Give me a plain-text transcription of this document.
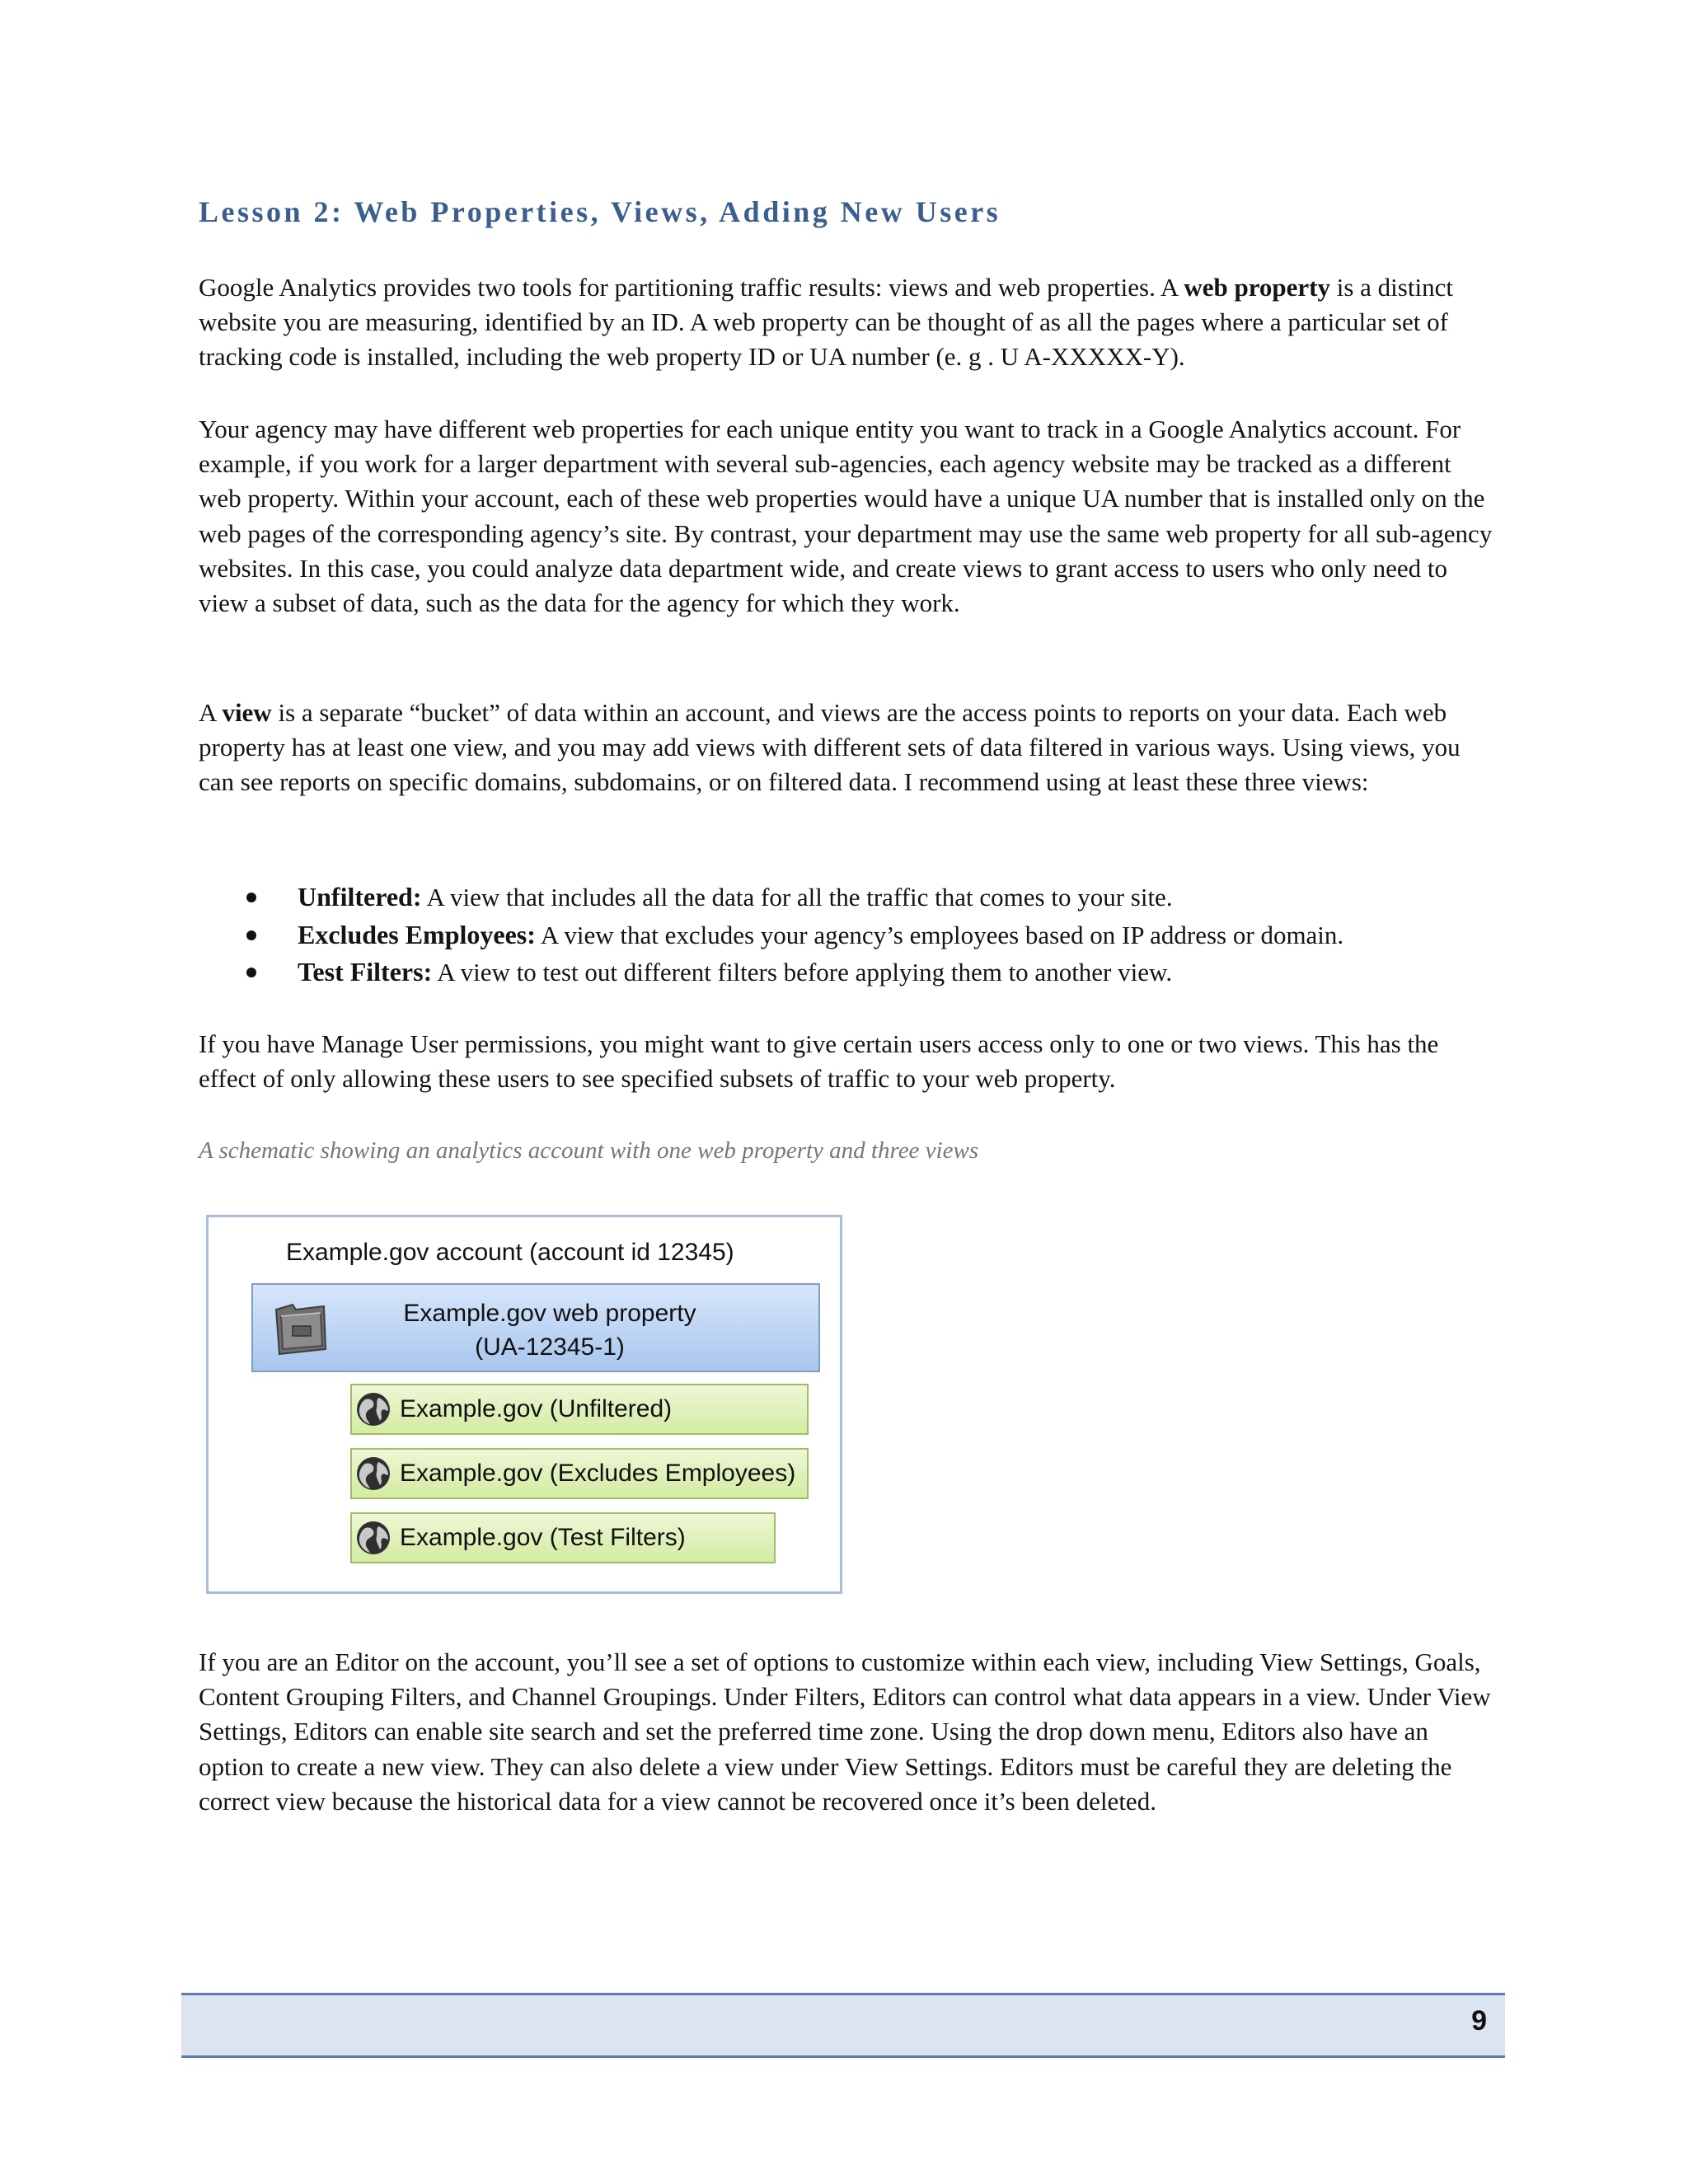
Lesson 2: Web Properties, Views, Adding New Users

Google Analytics provides two tools for partitioning traffic results: views and web properties. A web property is a distinct website you are measuring, identified by an ID. A web property can be thought of as all the pages where a particular set of tracking code is installed, including the web property ID or UA number (e. g . U A-XXXXX-Y).

Your agency may have different web properties for each unique entity you want to track in a Google Analytics account. For example, if you work for a larger department with several sub-agencies, each agency website may be tracked as a different web property. Within your account, each of these web properties would have a unique UA number that is installed only on the web pages of the corresponding agency’s site. By contrast, your department may use the same web property for all sub-agency websites. In this case, you could analyze data department wide, and create views to grant access to users who only need to view a subset of data, such as the data for the agency for which they work.

A view is a separate “bucket” of data within an account, and views are the access points to reports on your data. Each web property has at least one view, and you may add views with different sets of data filtered in various ways. Using views, you can see reports on specific domains, subdomains, or on filtered data. I recommend using at least these three views:

Unfiltered: A view that includes all the data for all the traffic that comes to your site.
Excludes Employees: A view that excludes your agency’s employees based on IP address or domain.
Test Filters: A view to test out different filters before applying them to another view.

If you have Manage User permissions, you might want to give certain users access only to one or two views. This has the effect of only allowing these users to see specified subsets of traffic to your web property.

A schematic showing an analytics account with one web property and three views

Example.gov account (account id 12345)
Example.gov web property
(UA-12345-1)
Example.gov (Unfiltered)
Example.gov (Excludes Employees)
Example.gov (Test Filters)

If you are an Editor on the account, you’ll see a set of options to customize within each view, including View Settings, Goals, Content Grouping Filters, and Channel Groupings. Under Filters, Editors can control what data appears in a view. Under View Settings, Editors can enable site search and set the preferred time zone. Using the drop down menu, Editors also have an option to create a new view. They can also delete a view under View Settings. Editors must be careful they are deleting the correct view because the historical data for a view cannot be recovered once it’s been deleted.

9
